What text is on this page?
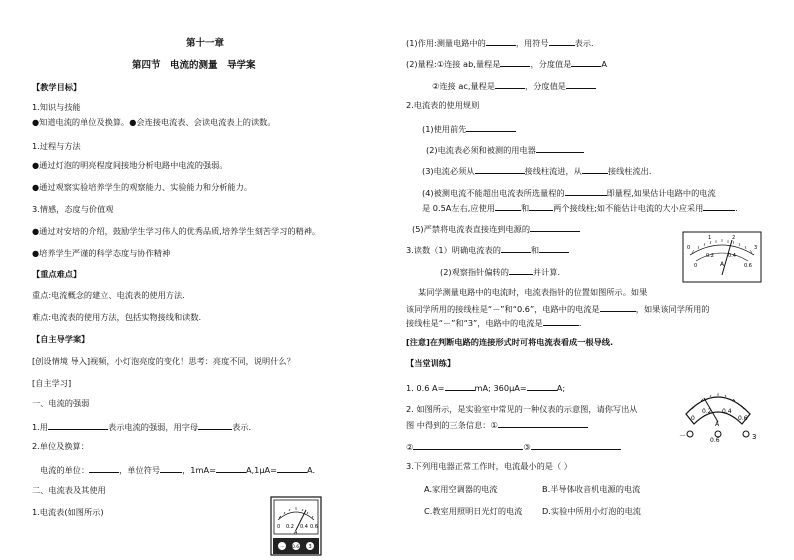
第十一章
第四节　电流的测量　导学案
【教学目标】
1.知识与技能
●知道电流的单位及换算。●会连接电流表、会读电流表上的读数。
1.过程与方法
●通过灯泡的明亮程度间接地分析电路中电流的强弱。
●通过观察实验培养学生的观察能力、实验能力和分析能力。
3.情感，态度与价值观
●通过对安培的介绍，鼓励学生学习伟人的优秀品质,培养学生刻苦学习的精神。
●培养学生严谨的科学态度与协作精神
【重点难点】
重点:电流概念的建立、电流表的使用方法.
难点:电流表的使用方法，包括实物接线和读数.
【自主导学案】
[创设情境 导入]视频，小灯泡亮度的变化！思考：亮度不同，说明什么？
[自主学习]
一、电流的强弱
1.用	表示电流的强弱，用字母	表示.
2.单位及换算：
电流的单位：	，单位符号	，1mA=	A,1μA=	A.
二、电流表及其使用
1.电流表(如图所示)
0 0.2 0.4 0.6
A
－ 0.6 3
(1)作用:测量电路中的	，用符号	表示.
(2)量程:①连接 ab,量程是	，分度值是	A
②连接 ac,量程是	，分度值是
2.电流表的使用规则
(1)使用前先
(2)电流表必须和被测的用电器
(3)电流必须从	接线柱流进，从	接线柱流出.
(4)被测电流不能超出电流表所选量程的	即量程,如果估计电路中的电流
是 0.5A左右,应使用	和	两个接线柱;如不能估计电流的大小应采用	.
(5)严禁将电流表直接连到电源的
3.读数（1）明确电流表的	和
(2)观察指针偏转的	并计算.
0
1	2
3
0
0.2	0.4
0.6
A
某同学测量电路中的电流时，电流表指针的位置如图所示。如果
该同学所用的接线柱是“－”和“0.6”，电路中的电流是	，如果该同学所用的
接线柱是“－”和“3”，电路中的电流是	.
[注意]在判断电路的连接形式时可将电流表看成一根导线.
【当堂训练】
1. 0.6 A=	mA; 360μA=	A;
2. 如图所示，是实验室中常见的一种仪表的示意图，请你写出从
图 中得到的三条信息：①
②	③
0
0.2 0.4
0.6
A
－
0.6	3
3.下列用电器正常工作时，电流最小的是（ ）
A.家用空调器的电流	B.半导体收音机电源的电流
C.教室用照明日光灯的电流 D.实验中所用小灯泡的电流
